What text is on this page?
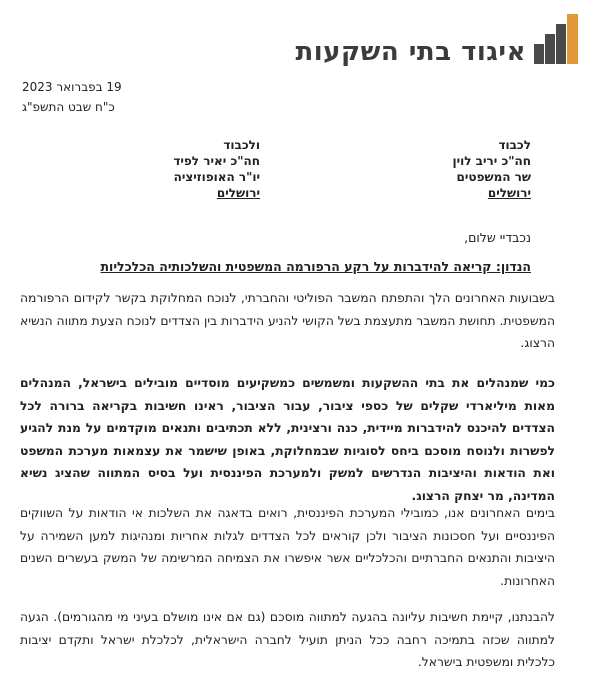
איגוד בתי השקעות
19 בפברואר 2023
כ"ח שבט התשפ"ג
לכבוד
חה"כ יריב לוין
שר המשפטים
ירושלים
ולכבוד
חה"כ יאיר לפיד
יו"ר האופוזיציה
ירושלים
נכבדיי שלום,
הנדון: קריאה להידברות על רקע הרפורמה המשפטית והשלכותיה הכלכליות
בשבועות האחרונים הלך והתפתח המשבר הפוליטי והחברתי, לנוכח המחלוקת בקשר לקידום הרפורמה המשפטית. תחושת המשבר מתעצמת בשל הקושי להניע הידברות בין הצדדים לנוכח הצעת מתווה הנשיא הרצוג.
כמי שמנהלים את בתי ההשקעות ומשמשים כמשקיעים מוסדיים מובילים בישראל, המנהלים מאות מיליארדי שקלים של כספי ציבור, עבור הציבור, ראינו חשיבות בקריאה ברורה לכל הצדדים להיכנס להידברות מיידית, כנה ורצינית, ללא תכתיבים ותנאים מוקדמים על מנת להגיע לפשרות ולנוסח מוסכם ביחס לסוגיות שבמחלוקת, באופן שישמר את עצמאות מערכת המשפט ואת הודאות והיציבות הנדרשים למשק ולמערכת הפיננסית ועל בסיס המתווה שהציג נשיא המדינה, מר יצחק הרצוג.
בימים האחרונים אנו, כמובילי המערכת הפיננסית, רואים בדאגה את השלכות אי הודאות על השווקים הפיננסיים ועל חסכונות הציבור ולכן קוראים לכל הצדדים לגלות אחריות ומנהיגות למען השמירה על היציבות והתנאים החברתיים והכלכליים אשר איפשרו את הצמיחה המרשימה של המשק בעשרים השנים האחרונות.
להבנתנו, קיימת חשיבות עליונה בהגעה למתווה מוסכם (גם אם אינו מושלם בעיני מי מהגורמים). הגעה למתווה שכזה בתמיכה רחבה ככל הניתן תועיל לחברה הישראלית, לכלכלת ישראל ותקדם יציבות כלכלית ומשפטית בישראל.
